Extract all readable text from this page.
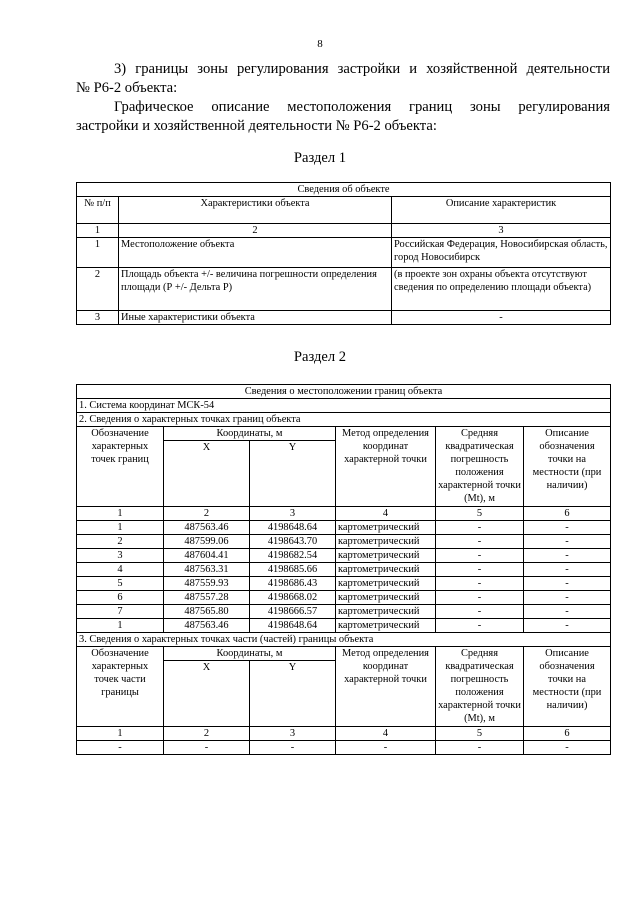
8
3) границы зоны регулирования застройки и хозяйственной деятельности
№ Р6-2 объекта:
Графическое описание местоположения границ зоны регулирования
застройки и хозяйственной деятельности № Р6-2 объекта:
Раздел 1
Сведения об объекте		
№ п/п	Характеристики объекта	Описание характеристик
1	2	3
1	Местоположение объекта	Российская Федерация, Новосибирская область, город Новосибирск
2	Площадь объекта +/- величина погрешности определения площади (Р +/- Дельта Р)	(в проекте зон охраны объекта отсутствуют сведения по определению площади объекта)
3	Иные характеристики объекта	-
Раздел 2
Сведения о местоположении границ объекта					
1. Система координат МСК-54					
2. Сведения о характерных точках границ объекта					
Обозначение характерных точек границ	Координаты, м		Метод определения координат характерной точки	Средняя квадратическая погрешность положения характерной точки (Mt), м	Описание обозначения точки на местности (при наличии)
	X	Y			
1	2	3	4	5	6
1	487563.46	4198648.64	картометрический	-	-
2	487599.06	4198643.70	картометрический	-	-
3	487604.41	4198682.54	картометрический	-	-
4	487563.31	4198685.66	картометрический	-	-
5	487559.93	4198686.43	картометрический	-	-
6	487557.28	4198668.02	картометрический	-	-
7	487565.80	4198666.57	картометрический	-	-
1	487563.46	4198648.64	картометрический	-	-
3. Сведения о характерных точках части (частей) границы объекта					
Обозначение характерных точек части границы	Координаты, м		Метод определения координат характерной точки	Средняя квадратическая погрешность положения характерной точки (Mt), м	Описание обозначения точки на местности (при наличии)
	X	Y			
1	2	3	4	5	6
-	-	-	-	-	-
